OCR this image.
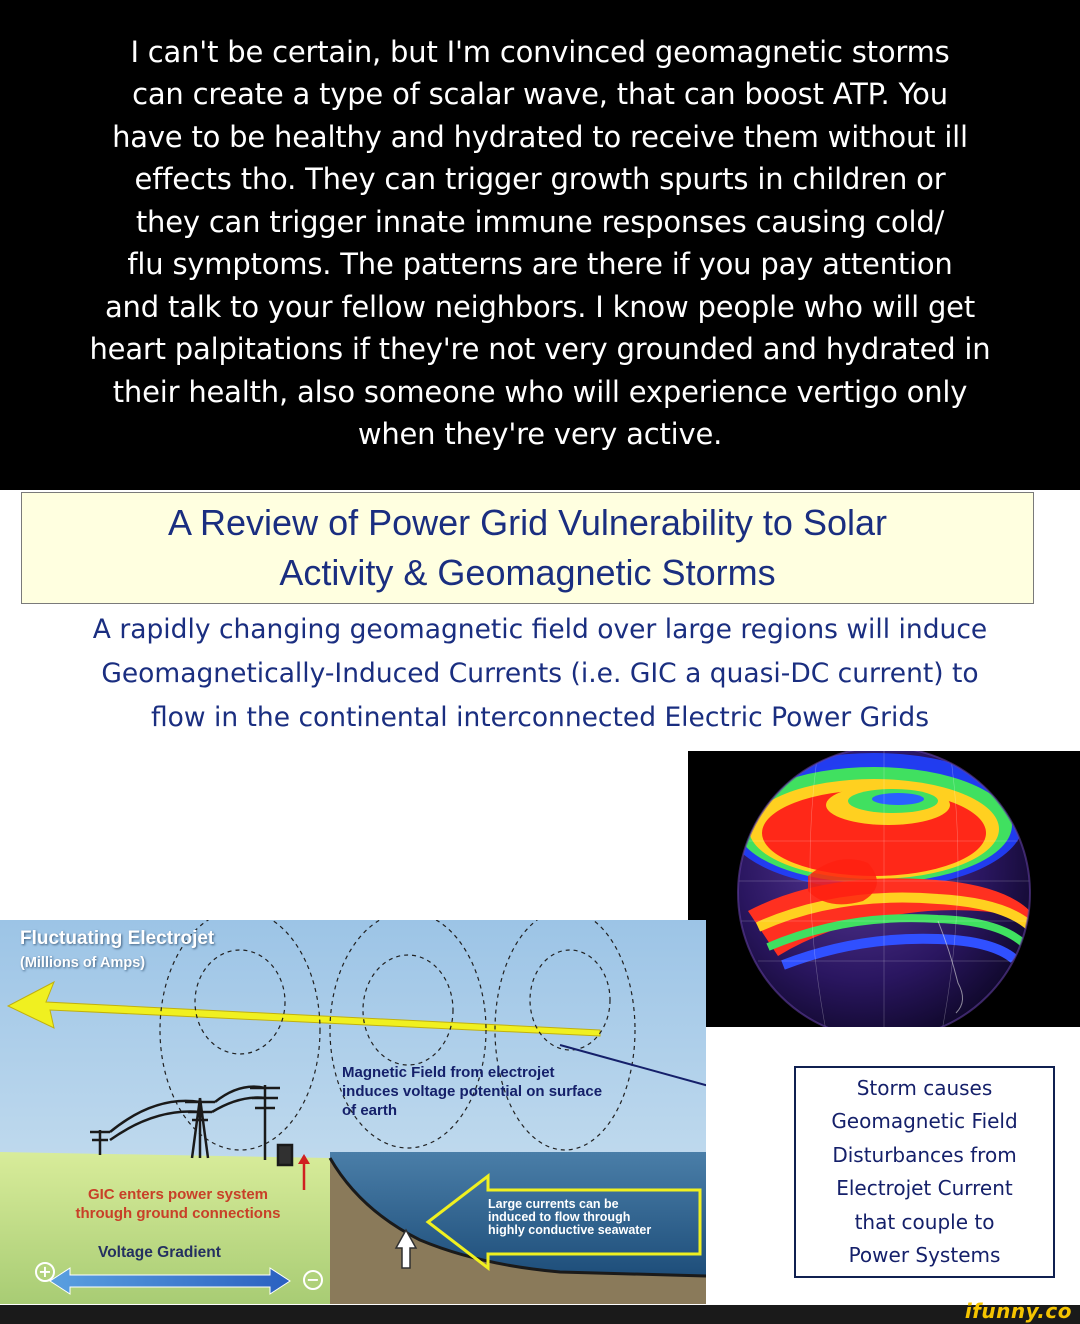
I can't be certain, but I'm convinced geomagnetic storms
can create a type of scalar wave, that can boost ATP. You
have to be healthy and hydrated to receive them without ill
effects tho. They can trigger growth spurts in children or
they can trigger innate immune responses causing cold/
flu symptoms. The patterns are there if you pay attention
and talk to your fellow neighbors. I know people who will get
heart palpitations if they're not very grounded and hydrated in
their health, also someone who will experience vertigo only
when they're very active.
A Review of Power Grid Vulnerability to Solar
Activity & Geomagnetic Storms
A rapidly changing geomagnetic field over large regions will induce
Geomagnetically-Induced Currents (i.e. GIC a quasi-DC current) to
flow in the continental interconnected Electric Power Grids
Fluctuating Electrojet
(Millions of Amps)
Magnetic Field from electrojet
induces voltage potential on surface
of earth
GIC enters power system
through ground connections
Voltage Gradient
Large currents can be
induced to flow through
highly conductive seawater
+	−
Storm causes
Geomagnetic Field
Disturbances from
Electrojet Current
that couple to
Power Systems
ifunny.co
